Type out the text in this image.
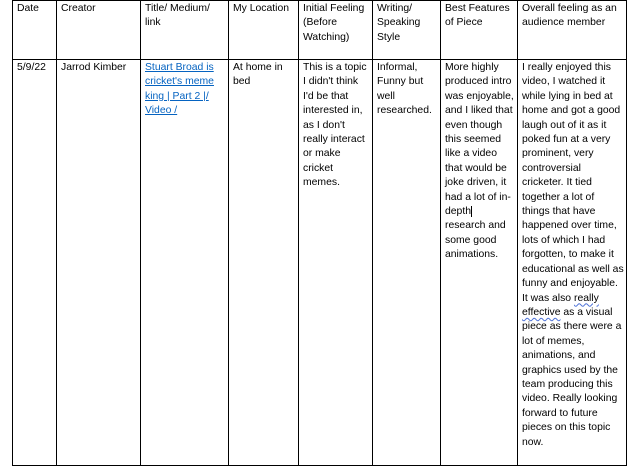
Date	Creator	Title/ Medium/ link	My Location	Initial Feeling (Before Watching)	Writing/ Speaking Style	Best Features of Piece	Overall feeling as an audience member
5/9/22	Jarrod Kimber	Stuart Broad is cricket's meme king | Part 2 |/ Video /	At home in bed	This is a topic I didn't think I'd be that interested in, as I don't really interact or make cricket memes.	Informal, Funny but well researched.	More highly produced intro was enjoyable, and I liked that even though this seemed like a video that would be joke driven, it had a lot of in-depth research and some good animations.	I really enjoyed this video, I watched it while lying in bed at home and got a good laugh out of it as it poked fun at a very prominent, very controversial cricketer. It tied together a lot of things that have happened over time, lots of which I had forgotten, to make it educational as well as funny and enjoyable.

It was also really effective as a visual piece as there were a lot of memes, animations, and graphics used by the team producing this video. Really looking forward to future pieces on this topic now.
